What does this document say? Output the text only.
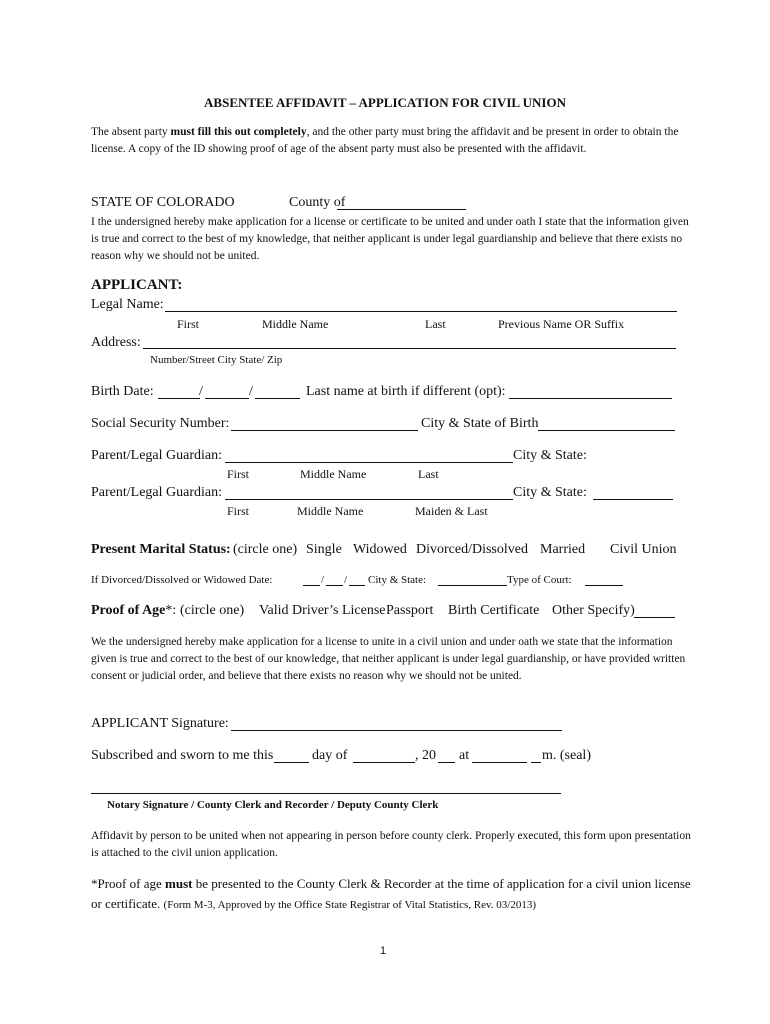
ABSENTEE AFFIDAVIT – APPLICATION FOR CIVIL UNION
The absent party must fill this out completely, and the other party must bring the affidavit and be present in order to obtain the license. A copy of the ID showing proof of age of the absent party must also be presented with the affidavit.
STATE OF COLORADO	County of
I the undersigned hereby make application for a license or certificate to be united and under oath I state that the information given is true and correct to the best of my knowledge, that neither applicant is under legal guardianship and believe that there exists no reason why we should not be united.
APPLICANT:
Legal Name:
First	Middle Name	Last	Previous Name OR Suffix
Address:
Number/Street City State/ Zip
Birth Date:	/	/	Last name at birth if different (opt):
Social Security Number:	City & State of Birth
Parent/Legal Guardian:	City & State:
First	Middle Name	Last
Parent/Legal Guardian:	City & State:
First	Middle Name	Maiden & Last
Present Marital Status: (circle one) Single Widowed Divorced/Dissolved Married Civil Union
If Divorced/Dissolved or Widowed Date:	/ / City & State:	Type of Court:
Proof of Age*: (circle one) Valid Driver’s License Passport Birth Certificate Other Specify)
We the undersigned hereby make application for a license to unite in a civil union and under oath we state that the information given is true and correct to the best of our knowledge, that neither applicant is under legal guardianship, or have provided written consent or judicial order, and believe that there exists no reason why we should not be united.
APPLICANT Signature:
Subscribed and sworn to me this	day of	, 20 at	m. (seal)
Notary Signature / County Clerk and Recorder / Deputy County Clerk
Affidavit by person to be united when not appearing in person before county clerk. Properly executed, this form upon presentation is attached to the civil union application.
*Proof of age must be presented to the County Clerk & Recorder at the time of application for a civil union license or certificate. (Form M-3, Approved by the Office State Registrar of Vital Statistics, Rev. 03/2013)
1
